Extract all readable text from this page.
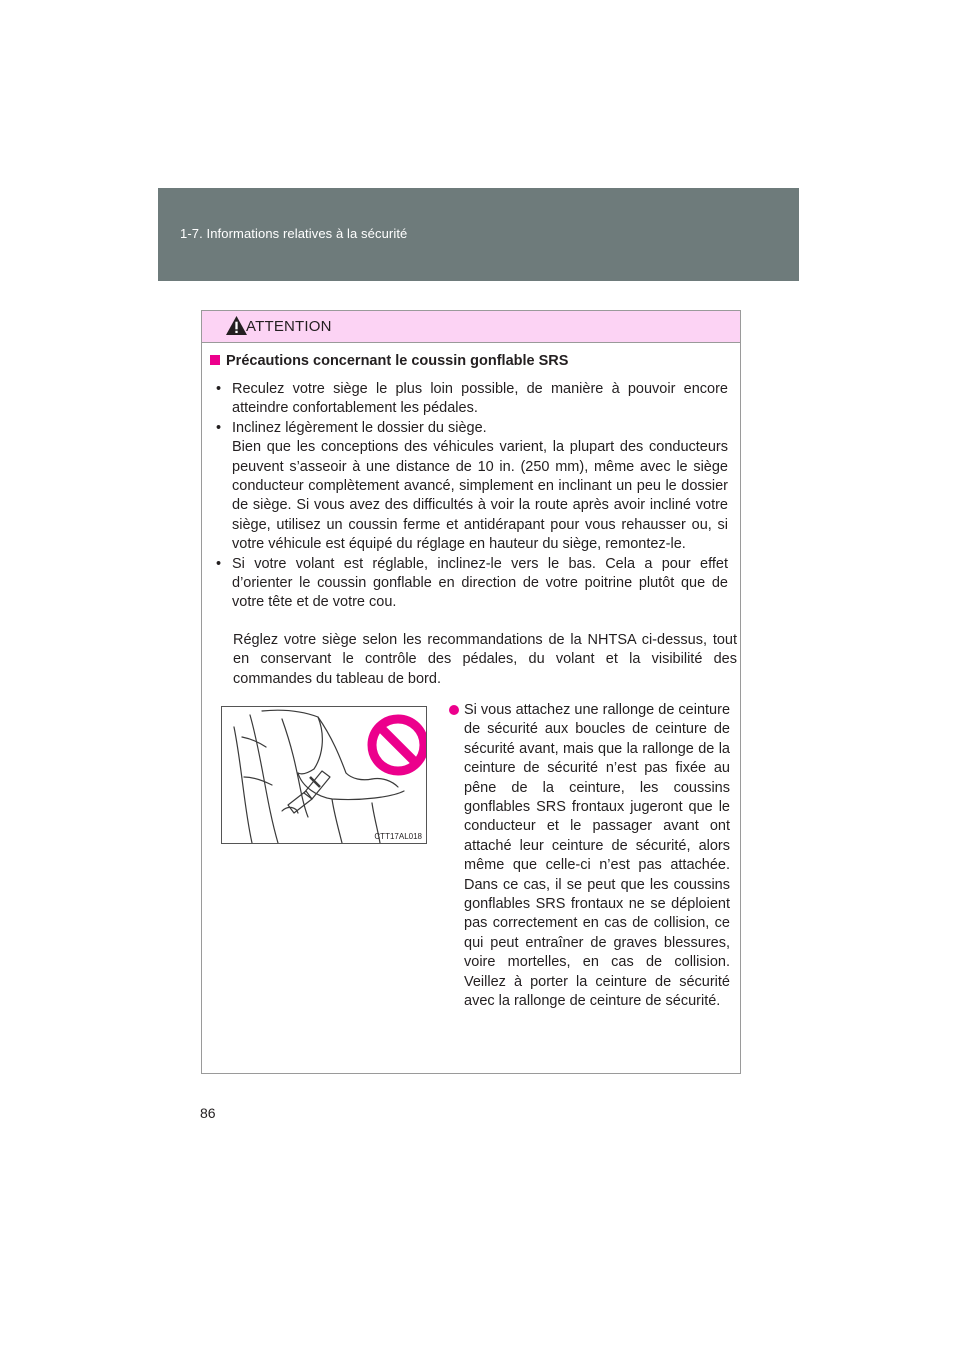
1-7. Informations relatives à la sécurité
ATTENTION
Précautions concernant le coussin gonflable SRS

• Reculez votre siège le plus loin possible, de manière à pouvoir encore atteindre confortablement les pédales.

• Inclinez légèrement le dossier du siège.
Bien que les conceptions des véhicules varient, la plupart des conducteurs peuvent s’asseoir à une distance de 10 in. (250 mm), même avec le siège conducteur complètement avancé, simplement en inclinant un peu le dossier de siège. Si vous avez des difficultés à voir la route après avoir incliné votre siège, utilisez un coussin ferme et antidérapant pour vous rehausser ou, si votre véhicule est équipé du réglage en hauteur du siège, remontez-le.

• Si votre volant est réglable, inclinez-le vers le bas. Cela a pour effet d’orienter le coussin gonflable en direction de votre poitrine plutôt que de votre tête et de votre cou.

Réglez votre siège selon les recommandations de la NHTSA ci-dessus, tout en conservant le contrôle des pédales, du volant et la visibilité des commandes du tableau de bord.
CTT17AL018
Si vous attachez une rallonge de ceinture de sécurité aux boucles de ceinture de sécurité avant, mais que la rallonge de la ceinture de sécurité n’est pas fixée au pêne de la ceinture, les coussins gonflables SRS frontaux jugeront que le conducteur et le passager avant ont attaché leur ceinture de sécurité, alors même que celle-ci n’est pas attachée. Dans ce cas, il se peut que les coussins gonflables SRS frontaux ne se déploient pas correctement en cas de collision, ce qui peut entraîner de graves blessures, voire mortelles, en cas de collision. Veillez à porter la ceinture de sécurité avec la rallonge de ceinture de sécurité.
86
